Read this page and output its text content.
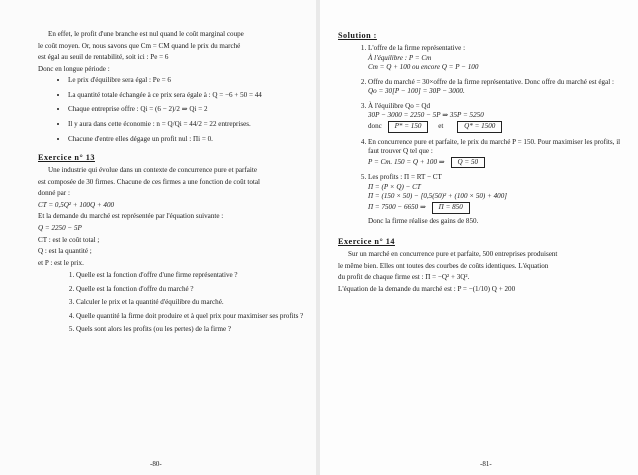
En effet, le profit d'une branche est nul quand le coût marginal coupe

le coût moyen. Or, nous savons que Cm = CM quand le prix du marché

est égal au seuil de rentabilité, soit ici : Pe = 6

Donc en longue période :

• Le prix d'équilibre sera égal : Pe = 6
• La quantité totale échangée à ce prix sera égale à : Q = −6 + 50 = 44
• Chaque entreprise offre : Qi = (6 − 2)/2 ⇒ Qi = 2
• Il y aura dans cette économie : n = Q/Qi = 44/2 = 22 entreprises.
• Chacune d'entre elles dégage un profit nul : Πi = 0.
Exercice n° 13

Une industrie qui évolue dans un contexte de concurrence pure et parfaite

est composée de 30 firmes. Chacune de ces firmes a une fonction de coût total

donné par :

CT = 0,5Q² + 100Q + 400

Et la demande du marché est représentée par l'équation suivante :

Q = 2250 − 5P

CT : est le coût total ;

Q : est la quantité ;

et P : est le prix.

1. Quelle est la fonction d'offre d'une firme représentative ?
2. Quelle est la fonction d'offre du marché ?
3. Calculer le prix et la quantité d'équilibre du marché.
4. Quelle quantité la firme doit produire et à quel prix pour maximiser ses profits ?
5. Quels sont alors les profits (ou les pertes) de la firme ?
-80-
Solution :
1. L'offre de la firme représentative :
À l'équilibre : P = Cm
Cm = Q + 100 ou encore Q = P − 100
2. Offre du marché = 30×offre de la firme représentative. Donc offre du marché est égal :
Qo = 30[P − 100] = 30P − 3000.
3. À l'équilibre Qo = Qd
30P − 3000 = 2250 − 5P ⇒ 35P = 5250
donc P* = 150 et	Q* = 1500
4. En concurrence pure et parfaite, le prix du marché P = 150. Pour maximiser les profits, il faut trouver Q tel que :
P = Cm. 150 = Q + 100 ⇒ Q = 50
5. Les profits : Π = RT − CT
Π = (P × Q) − CT
Π = (150 × 50) − [0,5(50)² + (100 × 50) + 400]
Π = 7500 − 6650 ⇒ Π = 850
Donc la firme réalise des gains de 850.
Exercice n° 14

Sur un marché en concurrence pure et parfaite, 500 entreprises produisent

le même bien. Elles ont toutes des courbes de coûts identiques. L'équation

du profit de chaque firme est : Π = −Q² + 3Q².

L'équation de la demande du marché est : P = −(1/10) Q + 200

-81-
